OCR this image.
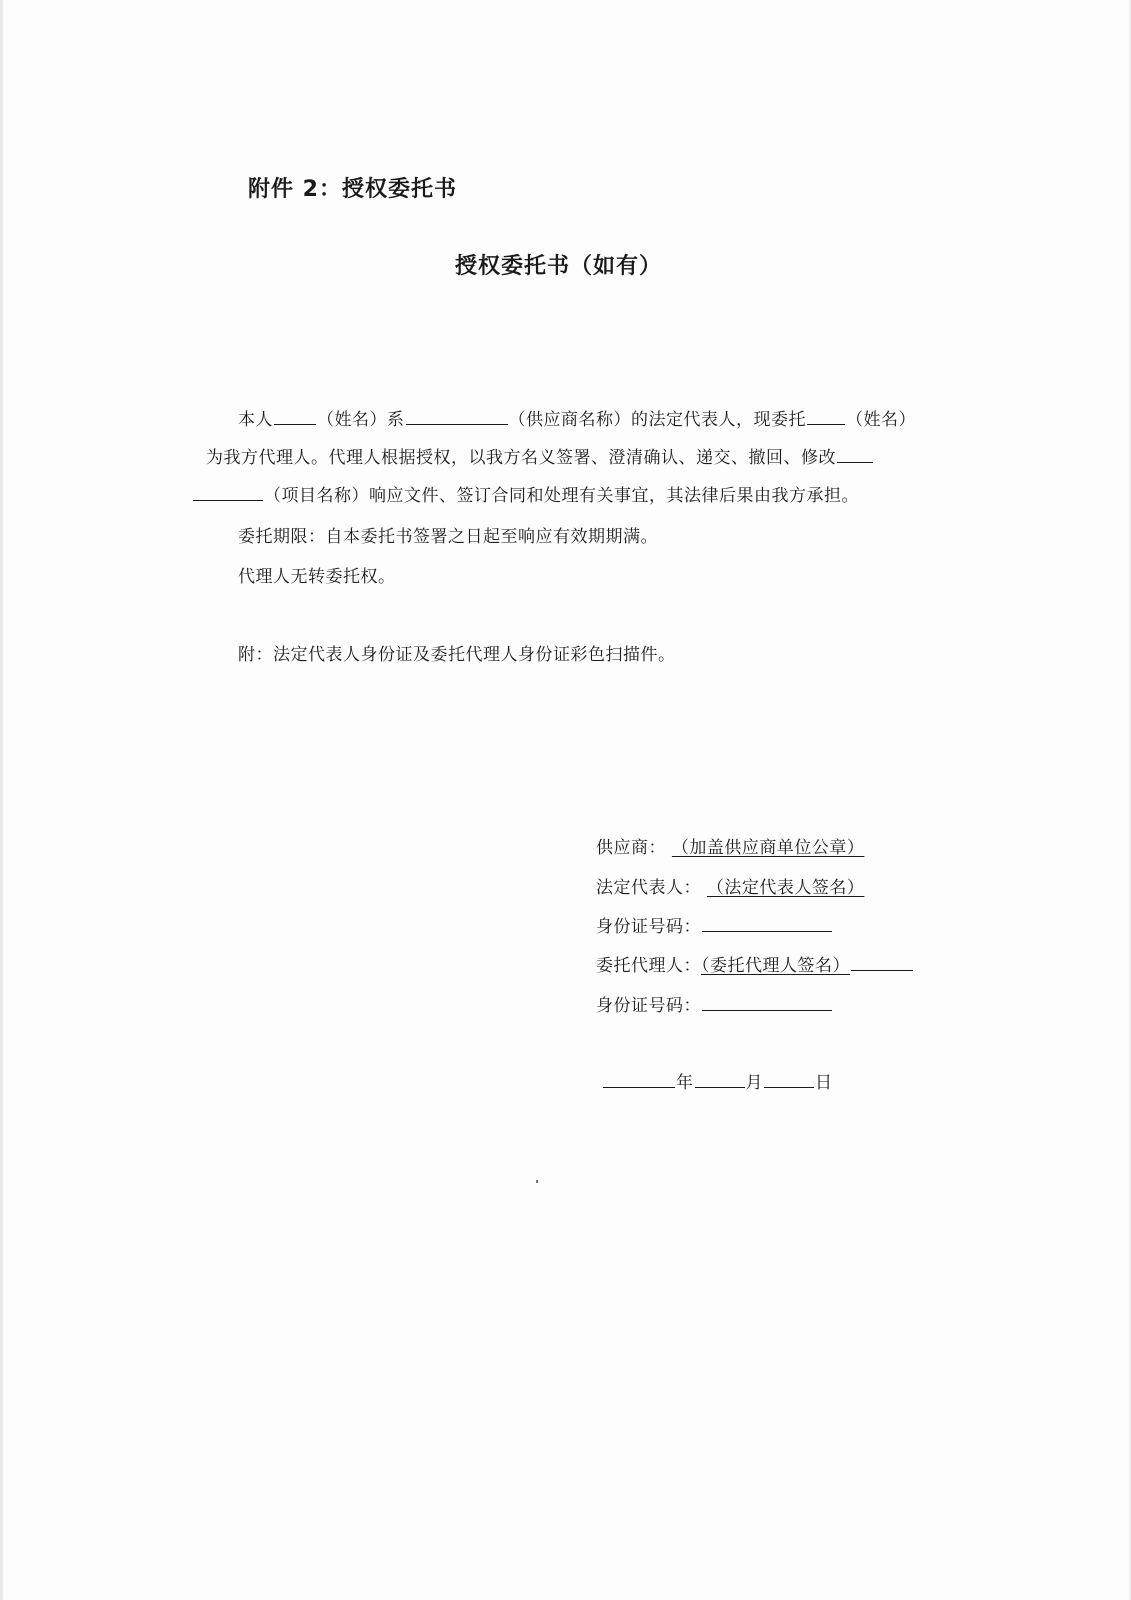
附件 2：授权委托书
授权委托书（如有）
本人	（姓名）系	（供应商名称）的法定代表人，现委托 （姓名）
为我方代理人。代理人根据授权，以我方名义签署、澄清确认、递交、撤回、修改
（项目名称）响应文件、签订合同和处理有关事宜，其法律后果由我方承担。
委托期限：自本委托书签署之日起至响应有效期期满。
代理人无转委托权。
附：法定代表人身份证及委托代理人身份证彩色扫描件。
供应商： （加盖供应商单位公章）
法定代表人： （法定代表人签名）
身份证号码：
委托代理人：（委托代理人签名）
身份证号码：
年	月	日
